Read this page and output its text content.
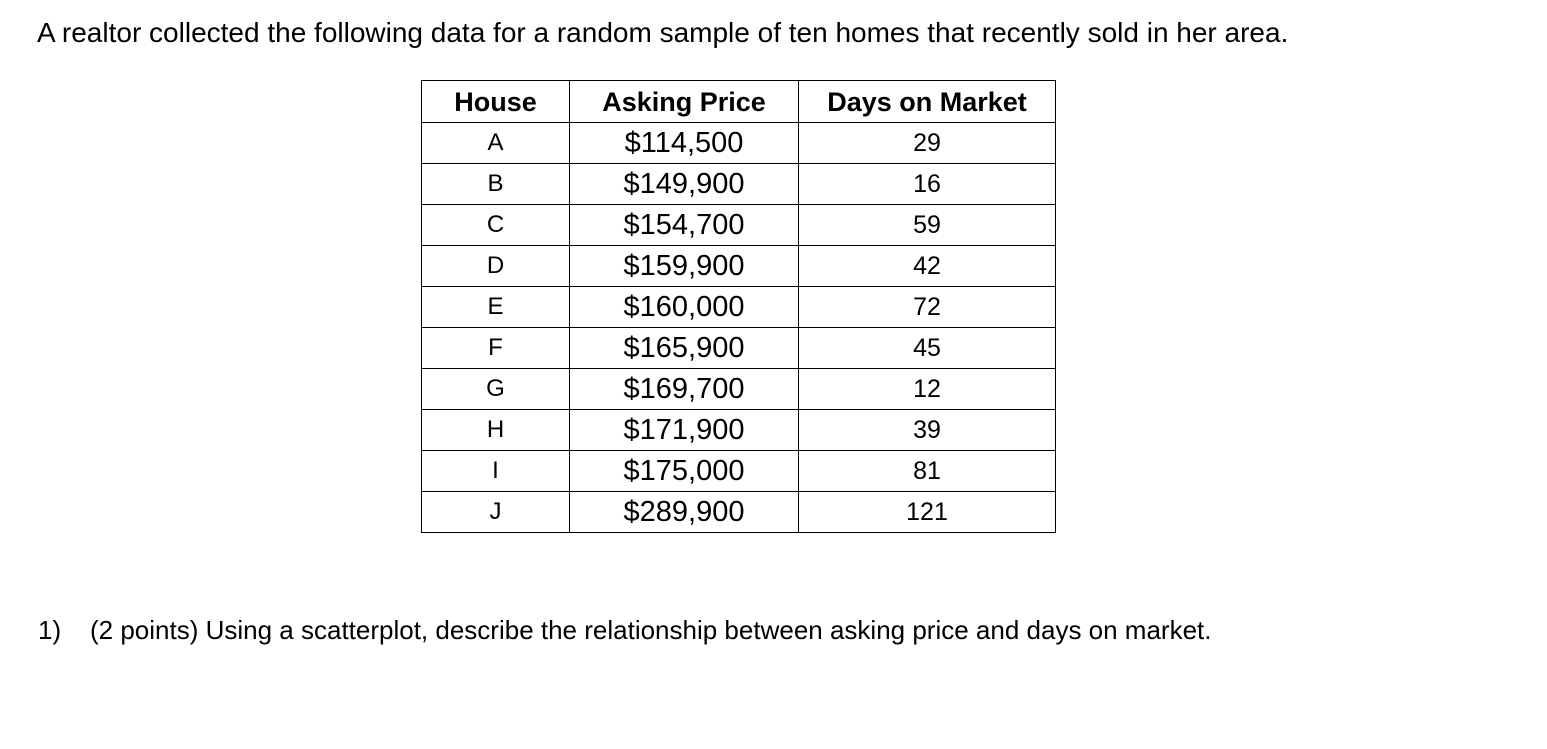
A realtor collected the following data for a random sample of ten homes that recently sold in her area.
House	Asking Price	Days on Market
A	$114,500	29
B	$149,900	16
C	$154,700	59
D	$159,900	42
E	$160,000	72
F	$165,900	45
G	$169,700	12
H	$171,900	39
I	$175,000	81
J	$289,900	121
1) (2 points) Using a scatterplot, describe the relationship between asking price and days on market.
